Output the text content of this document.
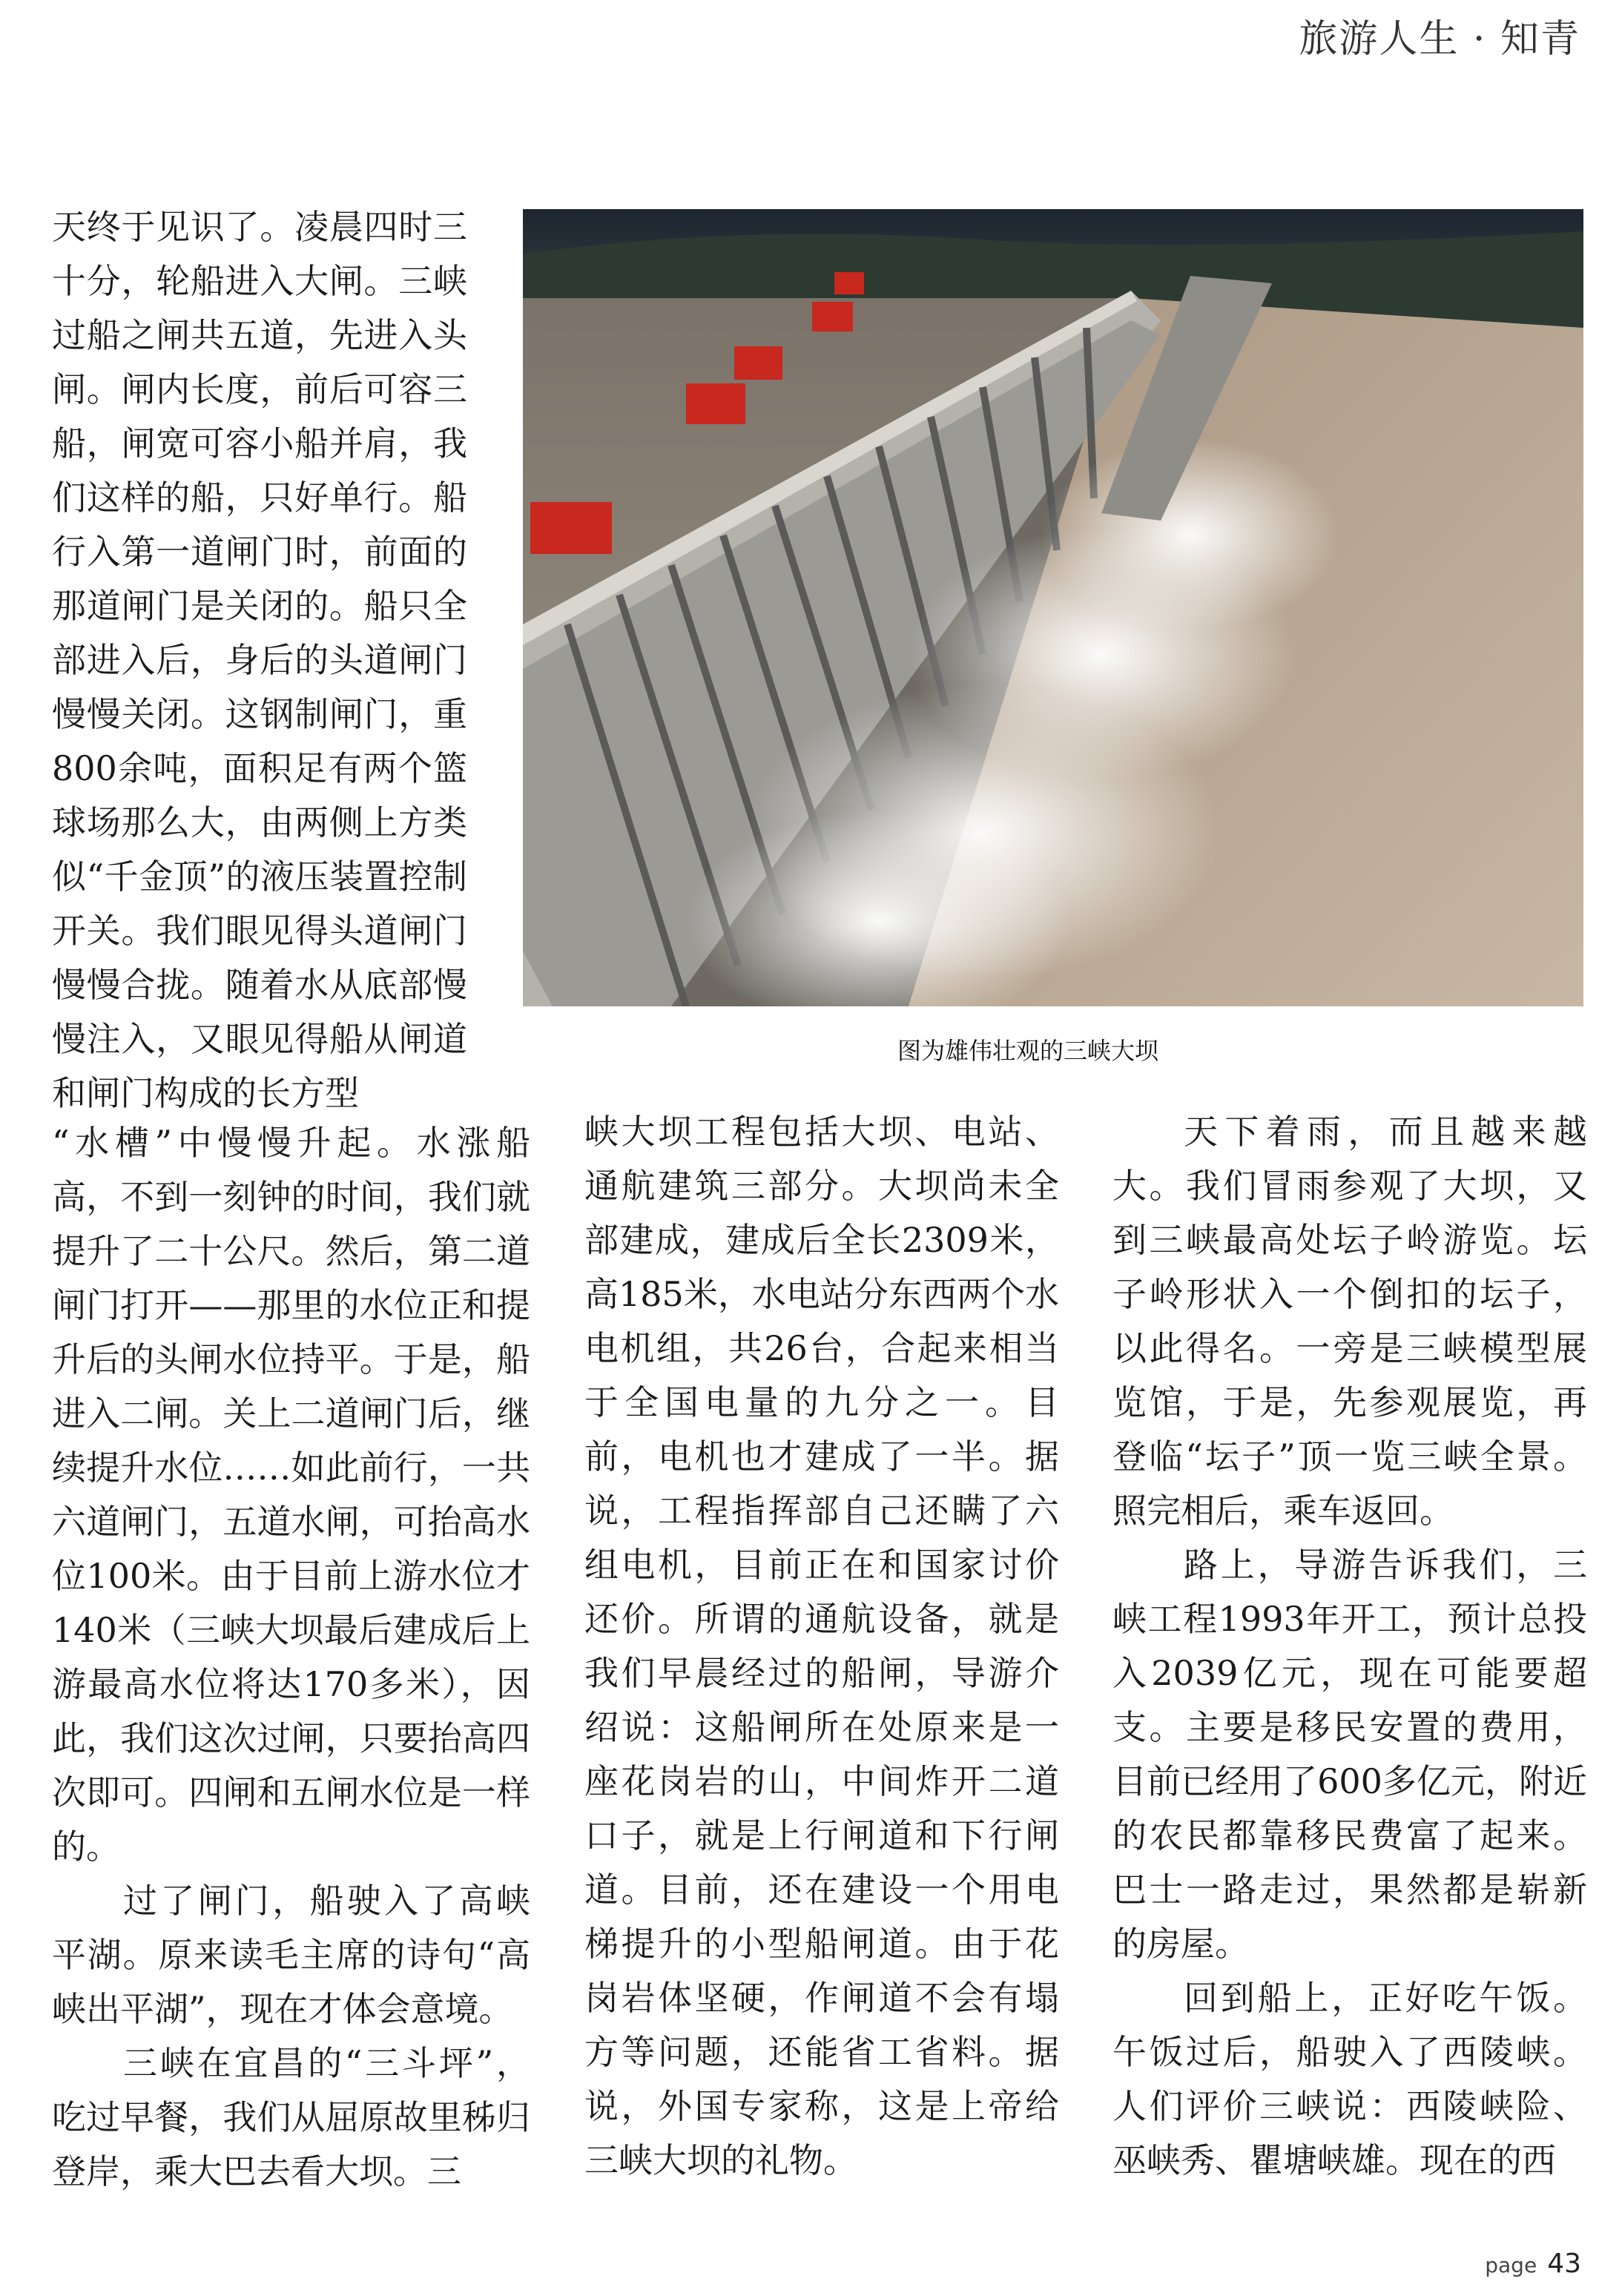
旅游人生 · 知青

天终于见识了。凌晨四时三十分，轮船进入大闸。三峡过船之闸共五道，先进入头闸。闸内长度，前后可容三船，闸宽可容小船并肩，我们这样的船，只好单行。船行入第一道闸门时，前面的那道闸门是关闭的。船只全部进入后，身后的头道闸门慢慢关闭。这钢制闸门，重800余吨，面积足有两个篮球场那么大，由两侧上方类似“千金顶”的液压装置控制开关。我们眼见得头道闸门慢慢合拢。随着水从底部慢慢注入，又眼见得船从闸道和闸门构成的长方型

图为雄伟壮观的三峡大坝

“水槽”中慢慢升起。水涨船高，不到一刻钟的时间，我们就提升了二十公尺。然后，第二道闸门打开——那里的水位正和提升后的头闸水位持平。于是，船进入二闸。关上二道闸门后，继续提升水位……如此前行，一共六道闸门，五道水闸，可抬高水位100米。由于目前上游水位才140米（三峡大坝最后建成后上游最高水位将达170多米），因此，我们这次过闸，只要抬高四次即可。四闸和五闸水位是一样的。

过了闸门，船驶入了高峡平湖。原来读毛主席的诗句“高峡出平湖”，现在才体会意境。

三峡在宜昌的“三斗坪”，吃过早餐，我们从屈原故里秭归登岸，乘大巴去看大坝。三

峡大坝工程包括大坝、电站、通航建筑三部分。大坝尚未全部建成，建成后全长2309米，高185米，水电站分东西两个水电机组，共26台，合起来相当于全国电量的九分之一。目前，电机也才建成了一半。据说，工程指挥部自己还瞒了六组电机，目前正在和国家讨价还价。所谓的通航设备，就是我们早晨经过的船闸，导游介绍说：这船闸所在处原来是一座花岗岩的山，中间炸开二道口子，就是上行闸道和下行闸道。目前，还在建设一个用电梯提升的小型船闸道。由于花岗岩体坚硬，作闸道不会有塌方等问题，还能省工省料。据说，外国专家称，这是上帝给三峡大坝的礼物。

天下着雨，而且越来越大。我们冒雨参观了大坝，又到三峡最高处坛子岭游览。坛子岭形状入一个倒扣的坛子，以此得名。一旁是三峡模型展览馆，于是，先参观展览，再登临“坛子”顶一览三峡全景。照完相后，乘车返回。

路上，导游告诉我们，三峡工程1993年开工，预计总投入2039亿元，现在可能要超支。主要是移民安置的费用，目前已经用了600多亿元，附近的农民都靠移民费富了起来。巴士一路走过，果然都是崭新的房屋。

回到船上，正好吃午饭。午饭过后，船驶入了西陵峡。人们评价三峡说：西陵峡险、巫峡秀、瞿塘峡雄。现在的西

page 43
